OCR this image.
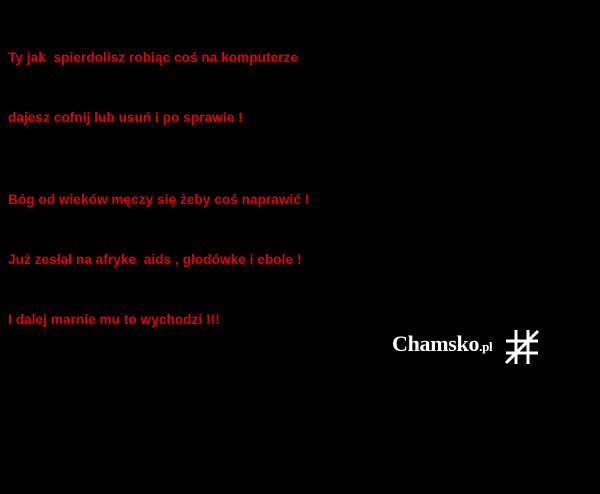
Ty jak  spierdolisz robiąc coś na komputerze

dajesz cofnij lub usuń i po sprawie !

Bóg od wieków męczy się żeby coś naprawić !

Już zesłał na afryke  aids , głodówke i ebole !

I dalej marnie mu to wychodzi !!!

Chamsko.pl
